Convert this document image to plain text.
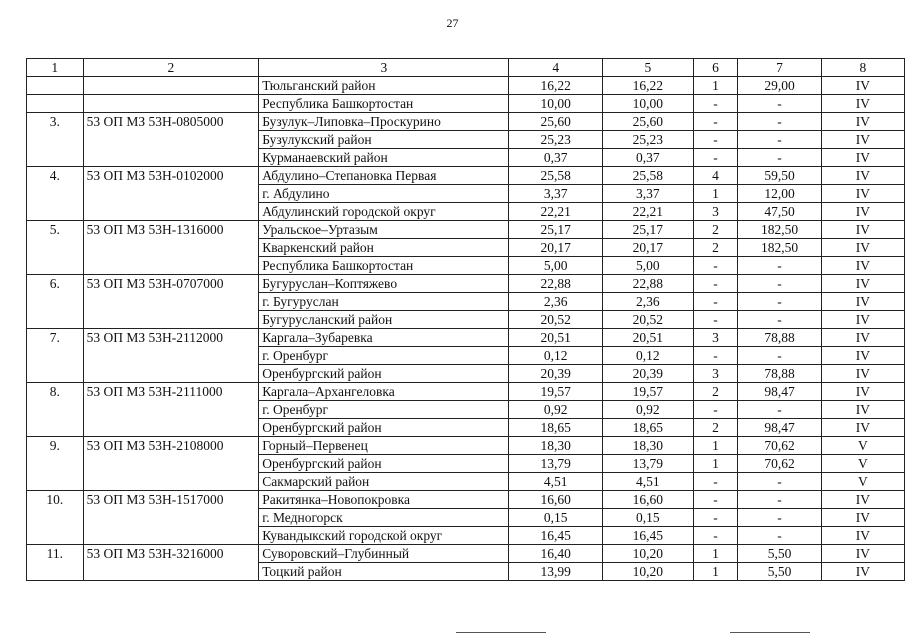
27
1	2	3	4	5	6	7	8
		Тюльганский район	16,22	16,22	1	29,00	IV
		Республика Башкортостан	10,00	10,00	-	-	IV
3.	53 ОП МЗ 53Н-0805000	Бузулук–Липовка–Проскурино	25,60	25,60	-	-	IV
		Бузулукский район	25,23	25,23	-	-	IV
		Курманаевский район	0,37	0,37	-	-	IV
4.	53 ОП МЗ 53Н-0102000	Абдулино–Степановка Первая	25,58	25,58	4	59,50	IV
		г. Абдулино	3,37	3,37	1	12,00	IV
		Абдулинский городской округ	22,21	22,21	3	47,50	IV
5.	53 ОП МЗ 53Н-1316000	Уральское–Уртазым	25,17	25,17	2	182,50	IV
		Кваркенский район	20,17	20,17	2	182,50	IV
		Республика Башкортостан	5,00	5,00	-	-	IV
6.	53 ОП МЗ 53Н-0707000	Бугуруслан–Коптяжево	22,88	22,88	-	-	IV
		г. Бугуруслан	2,36	2,36	-	-	IV
		Бугурусланский район	20,52	20,52	-	-	IV
7.	53 ОП МЗ 53Н-2112000	Каргала–Зубаревка	20,51	20,51	3	78,88	IV
		г. Оренбург	0,12	0,12	-	-	IV
		Оренбургский район	20,39	20,39	3	78,88	IV
8.	53 ОП МЗ 53Н-2111000	Каргала–Архангеловка	19,57	19,57	2	98,47	IV
		г. Оренбург	0,92	0,92	-	-	IV
		Оренбургский район	18,65	18,65	2	98,47	IV
9.	53 ОП МЗ 53Н-2108000	Горный–Первенец	18,30	18,30	1	70,62	V
		Оренбургский район	13,79	13,79	1	70,62	V
		Сакмарский район	4,51	4,51	-	-	V
10.	53 ОП МЗ 53Н-1517000	Ракитянка–Новопокровка	16,60	16,60	-	-	IV
		г. Медногорск	0,15	0,15	-	-	IV
		Кувандыкский городской округ	16,45	16,45	-	-	IV
11.	53 ОП МЗ 53Н-3216000	Суворовский–Глубинный	16,40	10,20	1	5,50	IV
		Тоцкий район	13,99	10,20	1	5,50	IV
